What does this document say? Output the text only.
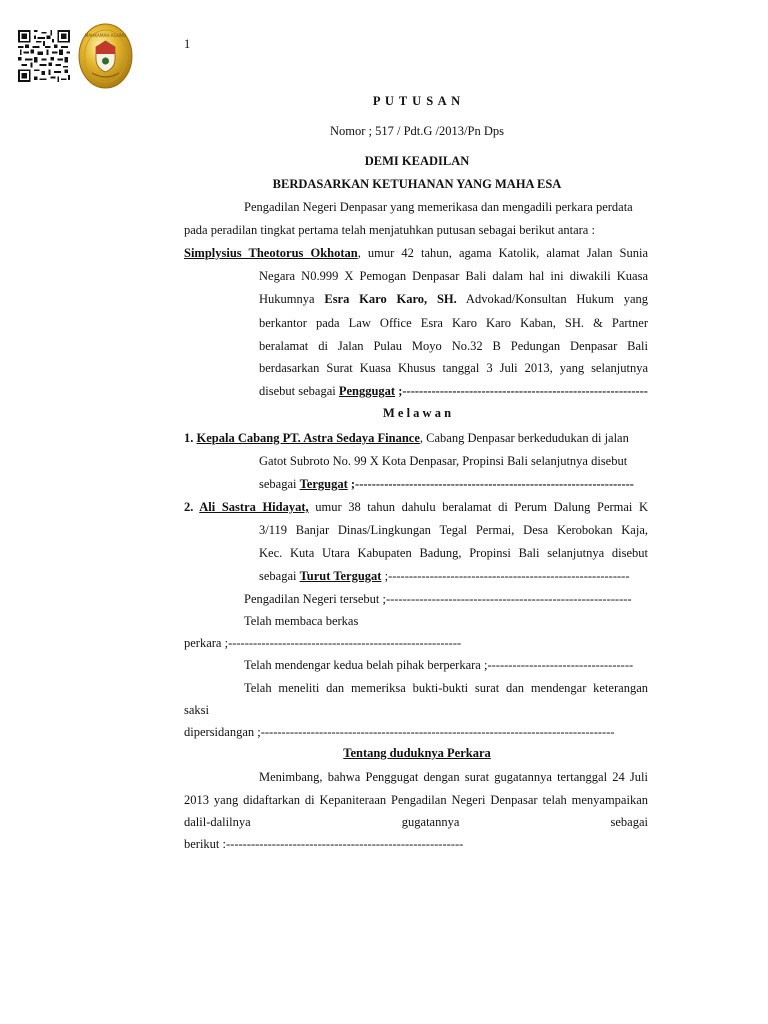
MAHKAMAH AGUNG
1
P U T U S A N
Nomor ; 517 / Pdt.G /2013/Pn Dps
DEMI KEADILAN
BERDASARKAN KETUHANAN YANG MAHA ESA
Pengadilan Negeri Denpasar yang memerikasa dan mengadili perkara perdata
pada peradilan tingkat pertama telah menjatuhkan putusan sebagai berikut antara :
Simplysius Theotorus Okhotan, umur 42 tahun, agama Katolik, alamat Jalan Sunia
Negara N0.999 X Pemogan Denpasar Bali dalam hal ini diwakili Kuasa
Hukumnya Esra Karo Karo, SH. Advokad/Konsultan Hukum yang
berkantor pada Law Office Esra Karo Karo Kaban, SH. & Partner
beralamat di Jalan Pulau Moyo No.32 B Pedungan Denpasar Bali
berdasarkan Surat Kuasa Khusus tanggal 3 Juli 2013, yang selanjutnya
disebut sebagai Penggugat ;-----------------------------------------------------------
M e l a w a n
1. Kepala Cabang PT. Astra Sedaya Finance, Cabang Denpasar berkedudukan di jalan
Gatot Subroto No. 99 X Kota Denpasar, Propinsi Bali selanjutnya disebut
sebagai Tergugat ;-------------------------------------------------------------------
2. Ali Sastra Hidayat, umur 38 tahun dahulu beralamat di Perum Dalung Permai K
3/119 Banjar Dinas/Lingkungan Tegal Permai, Desa Kerobokan Kaja,
Kec. Kuta Utara Kabupaten Badung, Propinsi Bali selanjutnya disebut
sebagai Turut Tergugat ;----------------------------------------------------------
Pengadilan Negeri tersebut ;-----------------------------------------------------------
Telah membaca berkas
perkara ;--------------------------------------------------------
Telah mendengar kedua belah pihak berperkara ;-----------------------------------
Telah meneliti dan memeriksa bukti-bukti surat dan mendengar keterangan
saksi
dipersidangan ;-------------------------------------------------------------------------------------
Tentang duduknya Perkara
Menimbang, bahwa Penggugat dengan surat gugatannya tertanggal 24 Juli
2013 yang didaftarkan di Kepaniteraan Pengadilan Negeri Denpasar telah menyampaikan
dalil-dalilnya	gugatannya	sebagai
berikut :---------------------------------------------------------
